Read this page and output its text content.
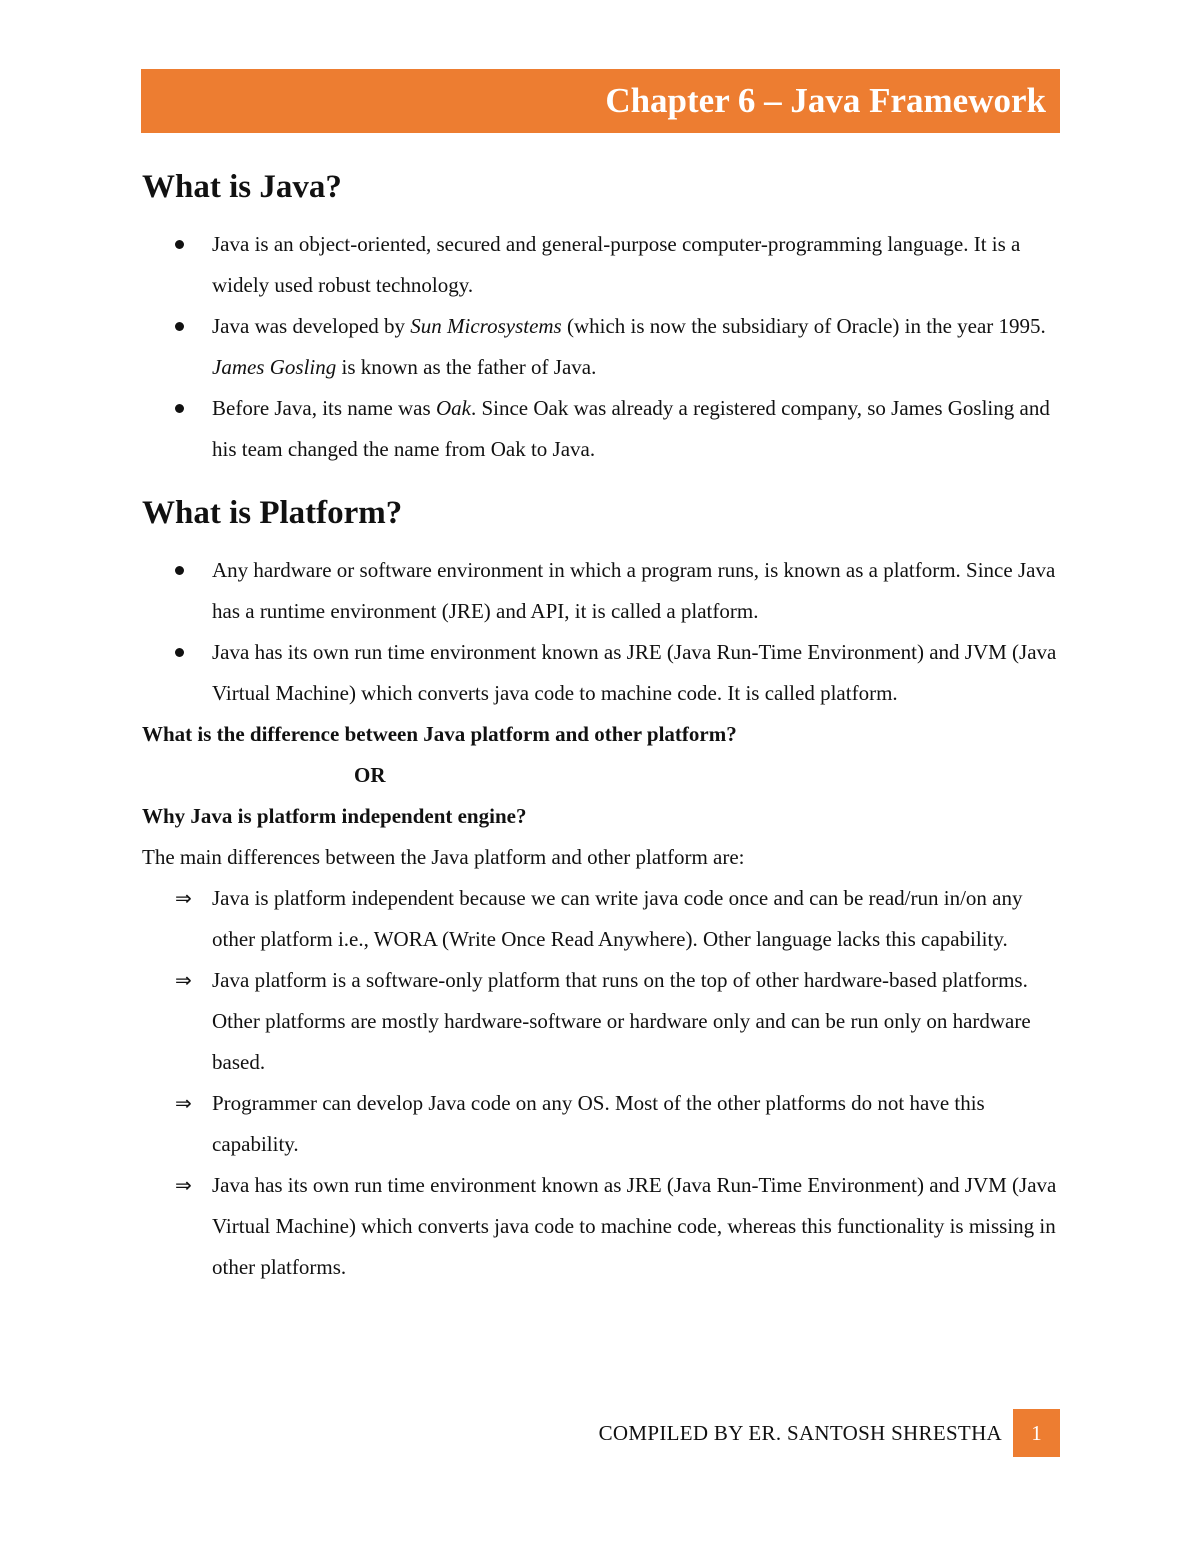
Chapter 6 – Java Framework
What is Java?
Java is an object-oriented, secured and general-purpose computer-programming language. It is a widely used robust technology.
Java was developed by Sun Microsystems (which is now the subsidiary of Oracle) in the year 1995. James Gosling is known as the father of Java.
Before Java, its name was Oak. Since Oak was already a registered company, so James Gosling and his team changed the name from Oak to Java.
What is Platform?
Any hardware or software environment in which a program runs, is known as a platform. Since Java has a runtime environment (JRE) and API, it is called a platform.
Java has its own run time environment known as JRE (Java Run-Time Environment) and JVM (Java Virtual Machine) which converts java code to machine code. It is called platform.
What is the difference between Java platform and other platform?
OR
Why Java is platform independent engine?
The main differences between the Java platform and other platform are:
⇒ Java is platform independent because we can write java code once and can be read/run in/on any other platform i.e., WORA (Write Once Read Anywhere). Other language lacks this capability.
⇒ Java platform is a software-only platform that runs on the top of other hardware-based platforms. Other platforms are mostly hardware-software or hardware only and can be run only on hardware based.
⇒ Programmer can develop Java code on any OS. Most of the other platforms do not have this capability.
⇒ Java has its own run time environment known as JRE (Java Run-Time Environment) and JVM (Java Virtual Machine) which converts java code to machine code, whereas this functionality is missing in other platforms.
COMPILED BY ER. SANTOSH SHRESTHA	1
